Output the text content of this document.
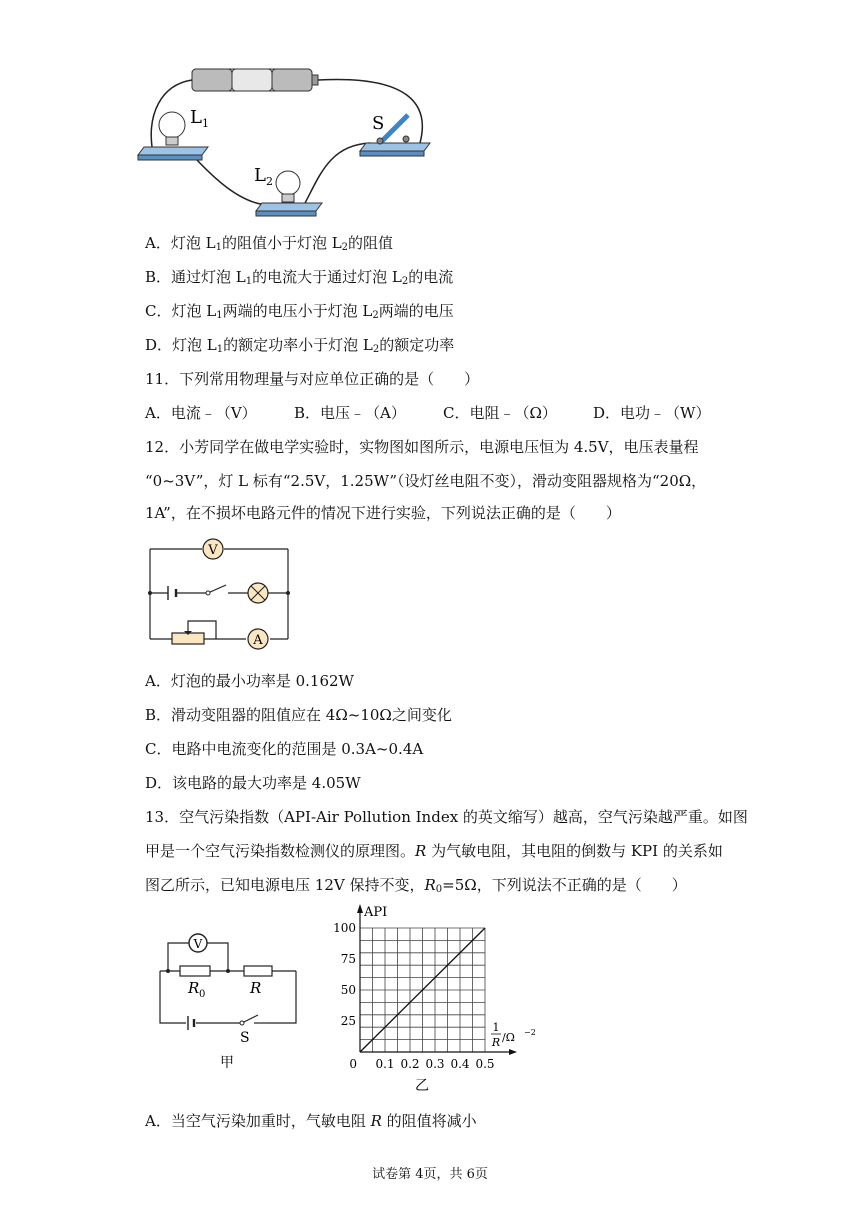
$L_1$
$L_2$
S
A．灯泡 $L_1$的阻值小于灯泡 $L_2$的阻值
B．通过灯泡 $L_1$的电流大于通过灯泡 $L_2$的电流
C．灯泡 $L_1$两端的电压小于灯泡 $L_2$两端的电压
D．灯泡 $L_1$的额定功率小于灯泡 $L_2$的额定功率
11．下列常用物理量与对应单位正确的是（　　）
A．电流﹣（V） B．电压﹣（A） C．电阻﹣（Ω） D．电功﹣（W）
12．小芳同学在做电学实验时，实物图如图所示，电源电压恒为 4.5V，电压表量程
“0~3V”，灯 L 标有“2.5V，1.25W”（设灯丝电阻不变），滑动变阻器规格为“20Ω，
1A”，在不损坏电路元件的情况下进行实验，下列说法正确的是（　　）
V
A
A．灯泡的最小功率是 0.162W
B．滑动变阻器的阻值应在 4Ω~10Ω之间变化
C．电路中电流变化的范围是 0.3A~0.4A
D．该电路的最大功率是 4.05W
13．空气污染指数（API-Air Pollution Index 的英文缩写）越高，空气污染越严重。如图
甲是一个空气污染指数检测仪的原理图。R 为气敏电阻，其电阻的倒数与 KPI 的关系如
图乙所示，已知电源电压 12V 保持不变，$R_0=5\Omega$，下列说法不正确的是（　　）
V
R 0	R
S
甲
API
0.1 0.2 0.3 0.4 0.5
25
50
75
100
0
1
R /Ω −2
乙
A．当空气污染加重时，气敏电阻 R 的阻值将减小
试卷第 4页，共 6页
